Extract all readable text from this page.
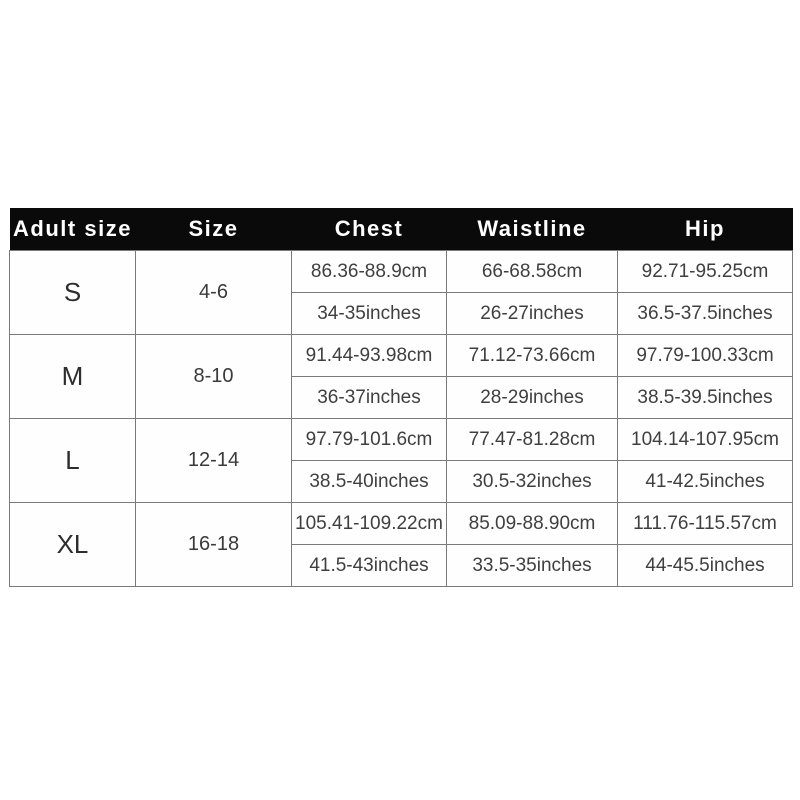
Adult size	Size	Chest	Waistline	Hip
S	4-6	86.36-88.9cm	66-68.58cm	92.71-95.25cm
		34-35inches	26-27inches	36.5-37.5inches
M	8-10	91.44-93.98cm	71.12-73.66cm	97.79-100.33cm
		36-37inches	28-29inches	38.5-39.5inches
L	12-14	97.79-101.6cm	77.47-81.28cm	104.14-107.95cm
		38.5-40inches	30.5-32inches	41-42.5inches
XL	16-18	105.41-109.22cm	85.09-88.90cm	111.76-115.57cm
		41.5-43inches	33.5-35inches	44-45.5inches
